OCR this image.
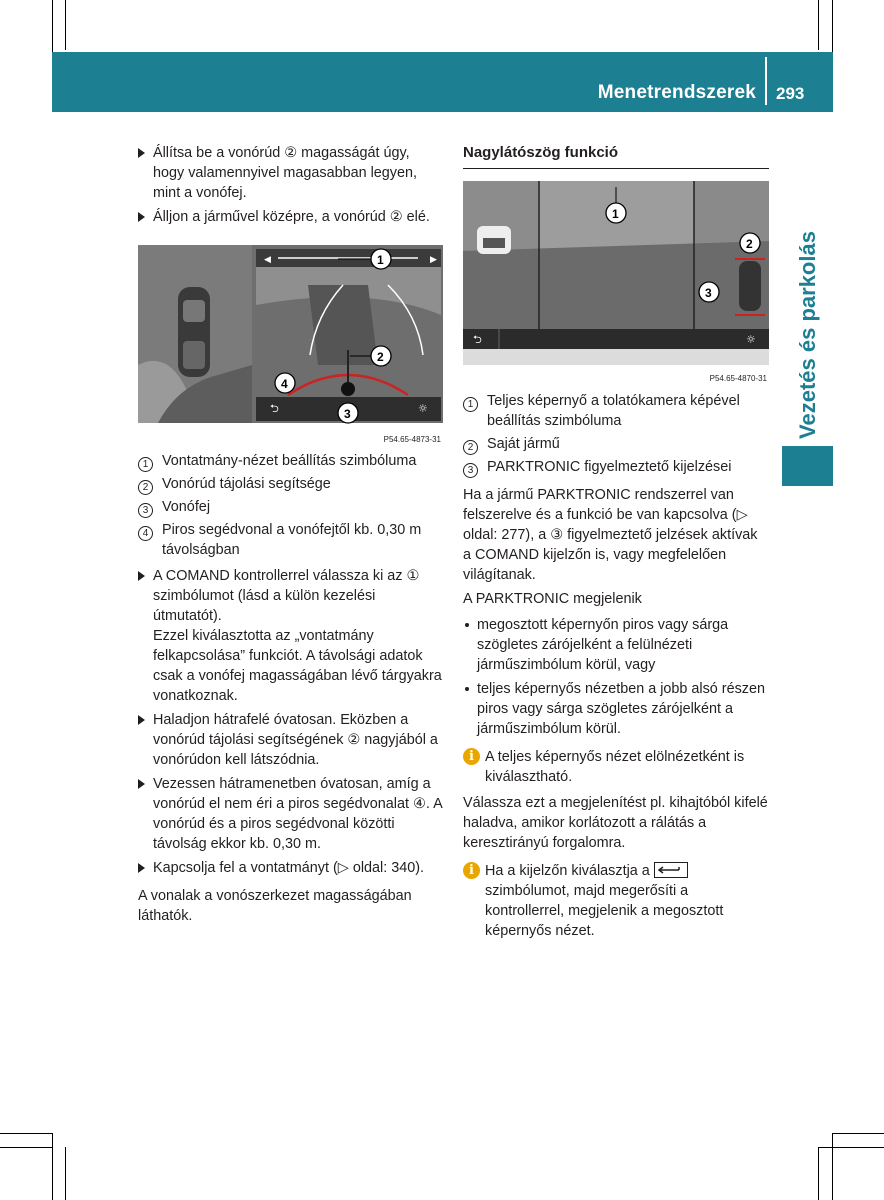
Menetrendszerek 293
Vezetés és parkolás
Állítsa be a vonórúd ② magasságát úgy, hogy valamennyivel magasabban legyen, mint a vonófej.
Álljon a járművel középre, a vonórúd ② elé.
◀	▶
⮌	☼
1
2
3
4
P54.65-4873-31
1 Vontatmány-nézet beállítás szimbóluma
2 Vonórúd tájolási segítsége
3 Vonófej
4 Piros segédvonal a vonófejtől kb. 0,30 m távolságban
A COMAND kontrollerrel válassza ki az ① szimbólumot (lásd a külön kezelési útmutatót).
Ezzel kiválasztotta az „vontatmány felkapcsolása” funkciót. A távolsági adatok csak a vonófej magasságában lévő tárgyakra vonatkoznak.
Haladjon hátrafelé óvatosan. Eközben a vonórúd tájolási segítségének ② nagyjából a vonórúdon kell látszódnia.
Vezessen hátramenetben óvatosan, amíg a vonórúd el nem éri a piros segédvonalat ④. A vonórúd és a piros segédvonal közötti távolság ekkor kb. 0,30 m.
Kapcsolja fel a vontatmányt (▷ oldal: 340).
A vonalak a vonószerkezet magasságában láthatók.
Nagylátószög funkció
⮌	☼
1
2
3
P54.65-4870-31
1 Teljes képernyő a tolatókamera képével beállítás szimbóluma
2 Saját jármű
3 PARKTRONIC figyelmeztető kijelzései
Ha a jármű PARKTRONIC rendszerrel van felszerelve és a funkció be van kapcsolva (▷ oldal: 277), a ③ figyelmeztető jelzések aktívak a COMAND kijelzőn is, vagy megfelelően világítanak.
A PARKTRONIC megjelenik
megosztott képernyőn piros vagy sárga szögletes zárójelként a felülnézeti járműszimbólum körül, vagy
teljes képernyős nézetben a jobb alsó részen piros vagy sárga szögletes zárójelként a járműszimbólum körül.
i A teljes képernyős nézet elölnézetként is kiválasztható.
Válassza ezt a megjelenítést pl. kihajtóból kifelé haladva, amikor korlátozott a rálátás a keresztirányú forgalomra.
i Ha a kijelzőn kiválasztja a  szimbólumot, majd megerősíti a kontrollerrel, megjelenik a megosztott képernyős nézet.
